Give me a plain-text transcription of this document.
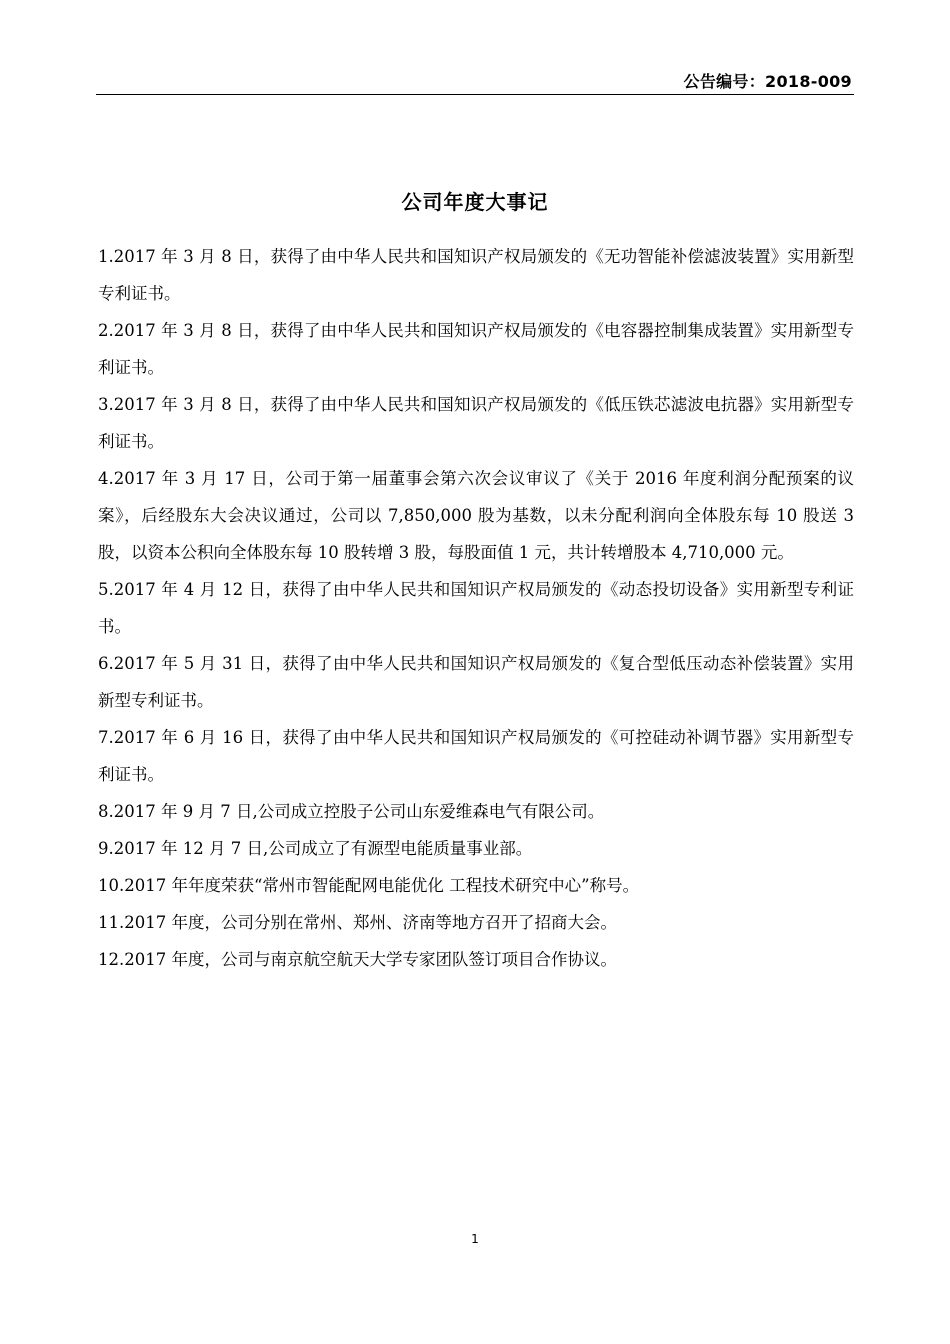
公告编号：2018-009
公司年度大事记

1.2017 年 3 月 8 日，获得了由中华人民共和国知识产权局颁发的《无功智能补偿滤波装置》实用新型专利证书。

2.2017 年 3 月 8 日，获得了由中华人民共和国知识产权局颁发的《电容器控制集成装置》实用新型专利证书。

3.2017 年 3 月 8 日，获得了由中华人民共和国知识产权局颁发的《低压铁芯滤波电抗器》实用新型专利证书。

4.2017 年 3 月 17 日，公司于第一届董事会第六次会议审议了《关于 2016 年度利润分配预案的议案》，后经股东大会决议通过，公司以 7,850,000 股为基数，以未分配利润向全体股东每 10 股送 3 股，以资本公积向全体股东每 10 股转增 3 股，每股面值 1 元，共计转增股本 4,710,000 元。

5.2017 年 4 月 12 日，获得了由中华人民共和国知识产权局颁发的《动态投切设备》实用新型专利证书。

6.2017 年 5 月 31 日，获得了由中华人民共和国知识产权局颁发的《复合型低压动态补偿装置》实用新型专利证书。

7.2017 年 6 月 16 日，获得了由中华人民共和国知识产权局颁发的《可控硅动补调节器》实用新型专利证书。

8.2017 年 9 月 7 日,公司成立控股子公司山东爱维森电气有限公司。

9.2017 年 12 月 7 日,公司成立了有源型电能质量事业部。

10.2017 年年度荣获“常州市智能配网电能优化 工程技术研究中心”称号。

11.2017 年度，公司分别在常州、郑州、济南等地方召开了招商大会。

12.2017 年度，公司与南京航空航天大学专家团队签订项目合作协议。

1
